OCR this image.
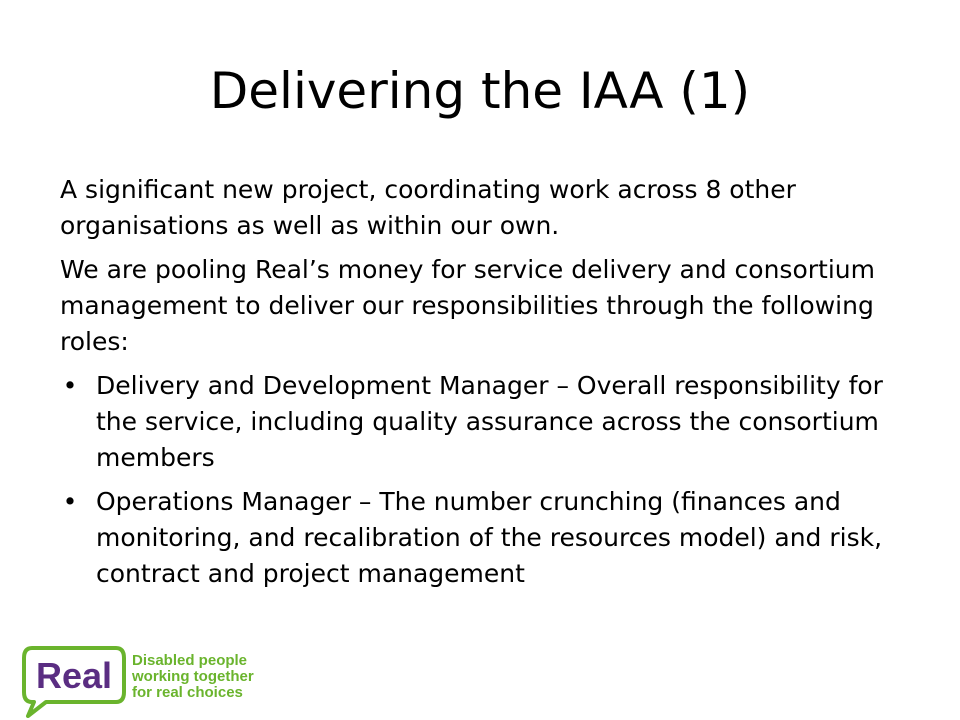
Delivering the IAA (1)

A significant new project, coordinating work across 8 other organisations as well as within our own.

We are pooling Real’s money for service delivery and consortium management to deliver our responsibilities through the following roles:

• Delivery and Development Manager – Overall responsibility for the service, including quality assurance across the consortium members
• Operations Manager – The number crunching (finances and monitoring, and recalibration of the resources model) and risk, contract and project management
Real Disabled people
working together
for real choices
